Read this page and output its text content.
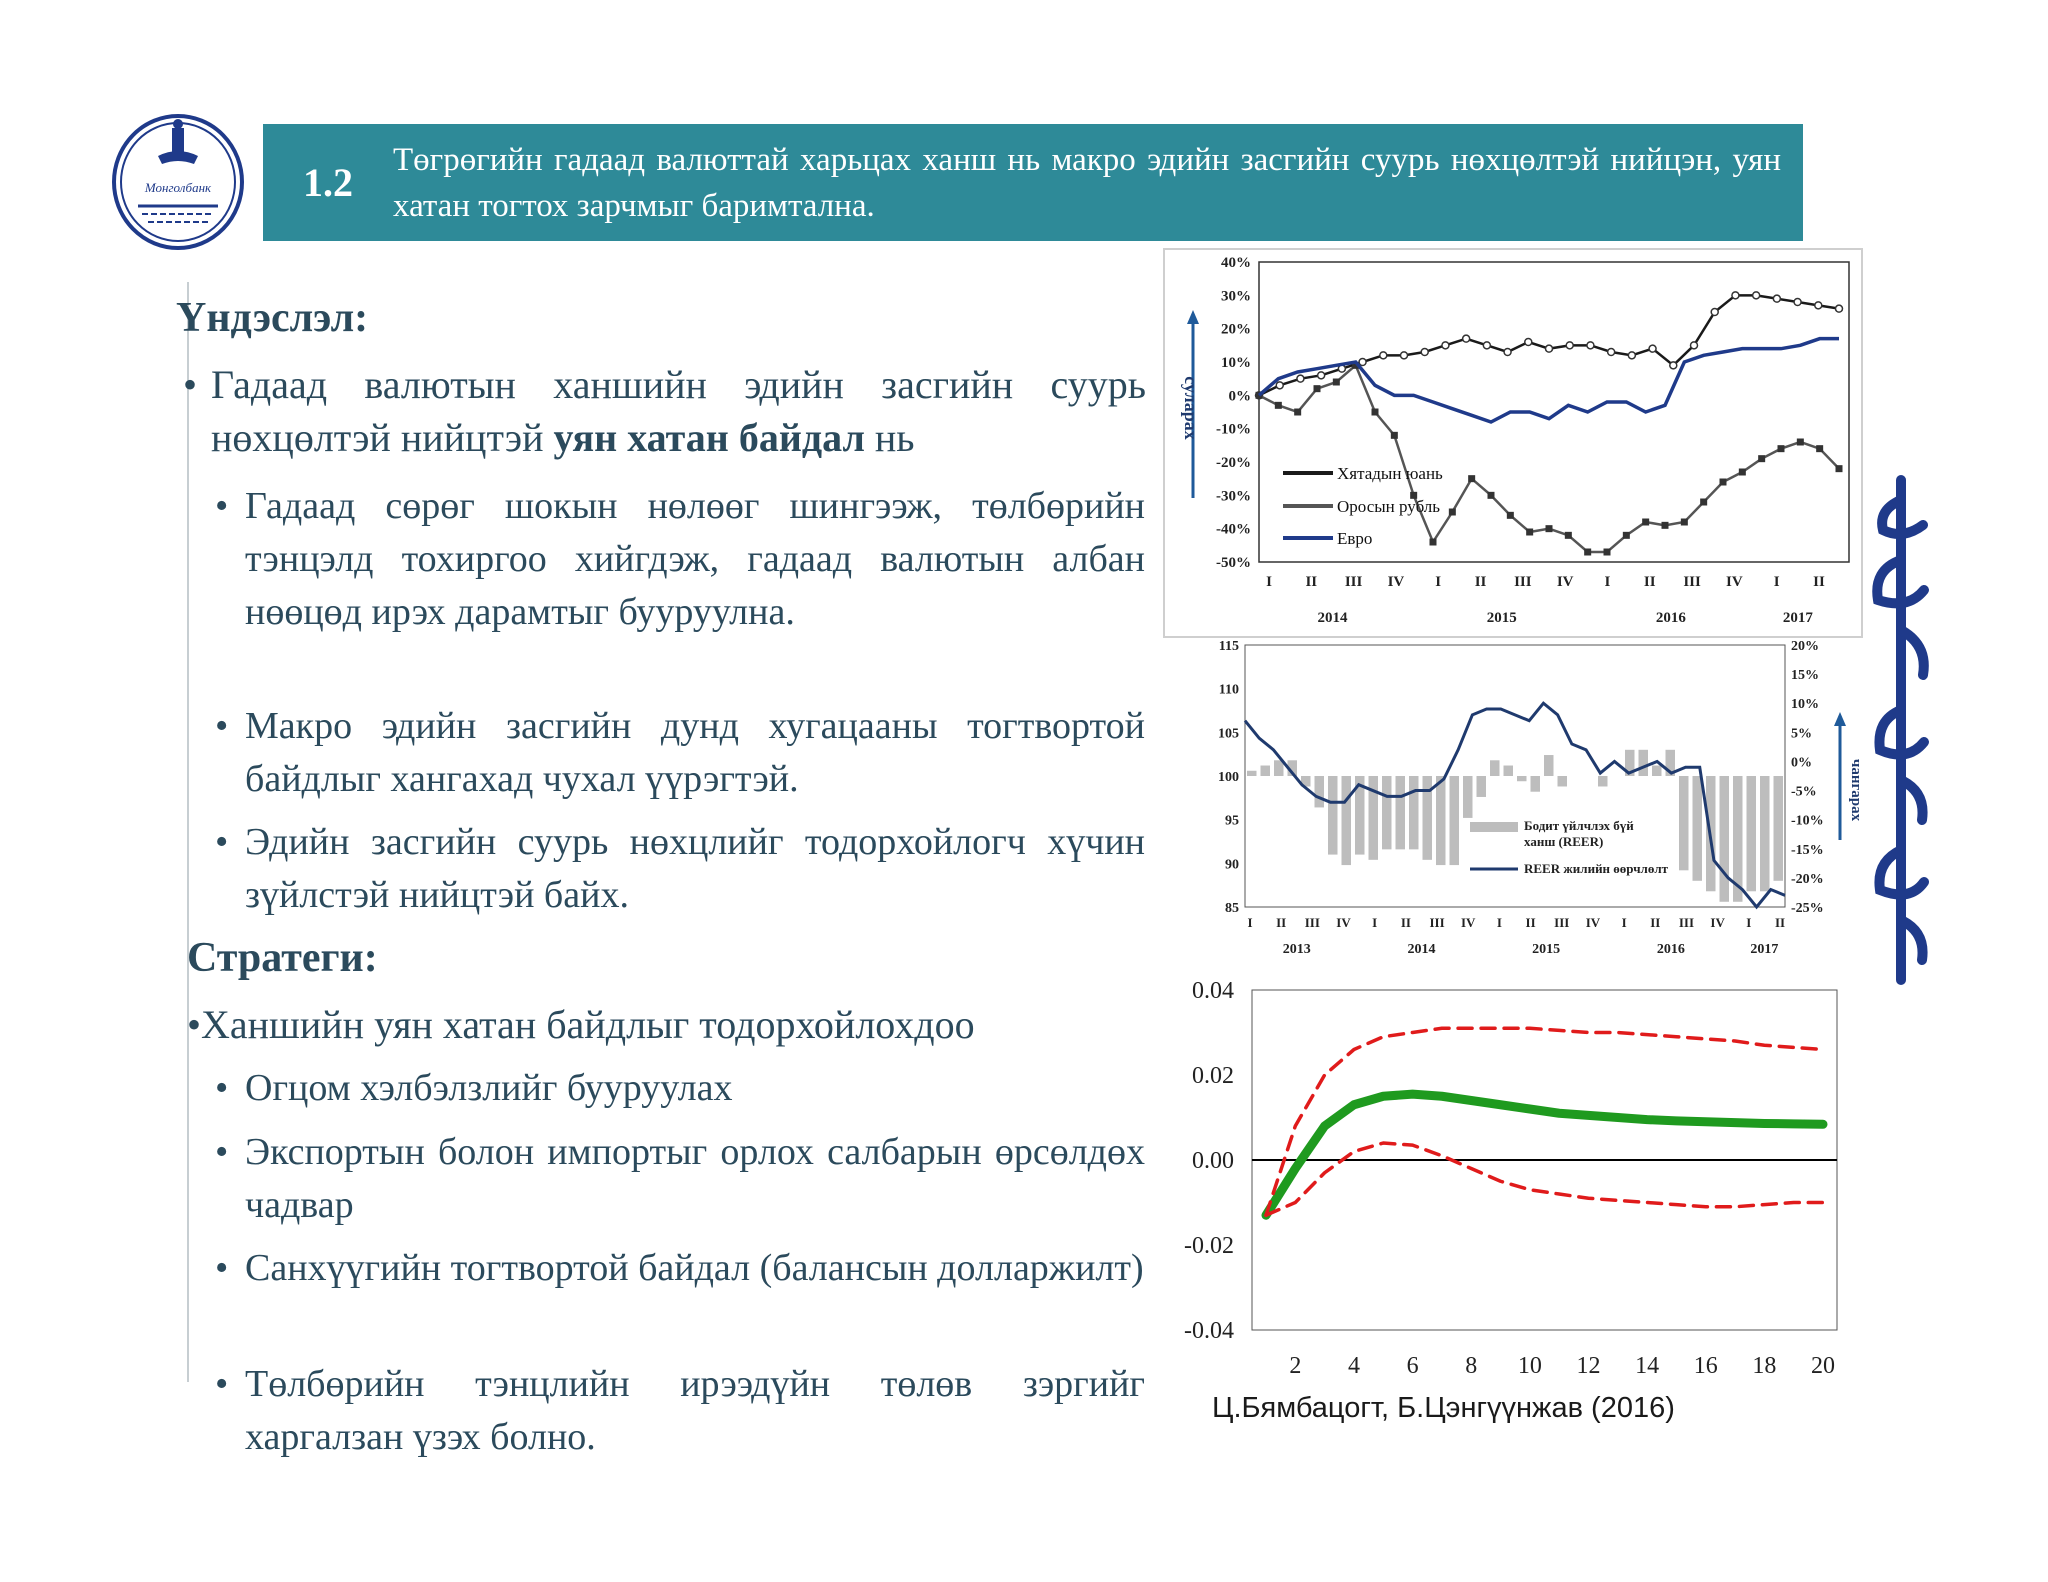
Монголбанк	1.2
Төгрөгийн гадаад валюттай харьцах ханш нь макро эдийн засгийн суурь нөхцөлтэй нийцэн, уян хатан тогтох зарчмыг баримтална.
Үндэслэл:
• Гадаад валютын ханшийн эдийн засгийн суурь нөхцөлтэй нийцтэй уян хатан байдал нь
• Гадаад сөрөг шокын нөлөөг шингээж, төлбөрийн тэнцэлд тохиргоо хийгдэж, гадаад валютын албан нөөцөд ирэх дарамтыг бууруулна.
• Макро эдийн засгийн дунд хугацааны тогтвортой байдлыг хангахад чухал үүрэгтэй.
• Эдийн засгийн суурь нөхцлийг тодорхойлогч хүчин зүйлстэй нийцтэй байх.
Стратеги:
•Ханшийн уян хатан байдлыг тодорхойлохдоо
• Огцом хэлбэлзлийг бууруулах
• Экспортын болон импортыг орлох салбарын өрсөлдөх чадвар
• Санхүүгийн тогтвортой байдал (балансын долларжилт)
• Төлбөрийн тэнцлийн ирээдүйн төлөв зэргийг харгалзан үзэх болно.
40%
30%
20%
10%
0%
-10%
-20%
-30%
-40%
-50%
I II III IV I II III IV I II III IV I II
2014	2015	2016	2017
суларах
Хятадын юань
Оросын рубль
Евро
115
110
105
100
95
90
85
20%
15%
10%
5%
0%
-5%
-10%
-15%
-20%
-25%
I II III IV I II III IV I II III IV I II III IV I II
2013	2014	2015	2016	2017
чангарах
Бодит үйлчлэх бүй ханш (REER)
REER жилийн өөрчлөлт
0.04
0.02
0.00
-0.02
-0.04
2 4 6 8 10 12 14 16 18 20
Ц.Бямбацогт, Б.Цэнгүүнжав (2016)
